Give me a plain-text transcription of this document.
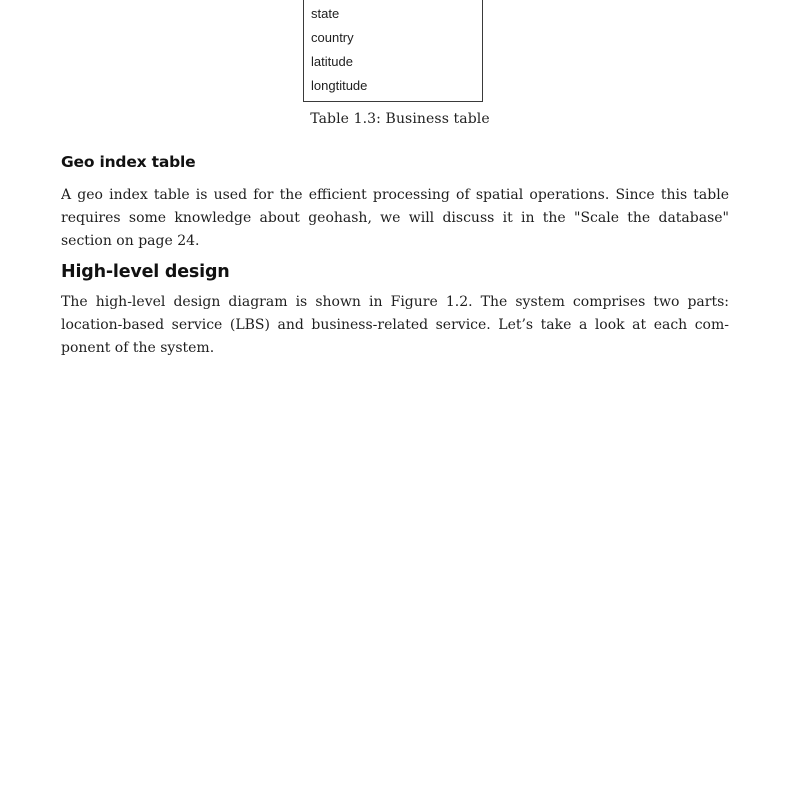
state
country
latitude
longtitude
Table 1.3: Business table
Geo index table

A geo index table is used for the efficient processing of spatial operations. Since this table
requires some knowledge about geohash, we will discuss it in the "Scale the database"
section on page 24.

High-level design

The high-level design diagram is shown in Figure 1.2. The system comprises two parts:
location-based service (LBS) and business-related service. Let’s take a look at each com-
ponent of the system.
